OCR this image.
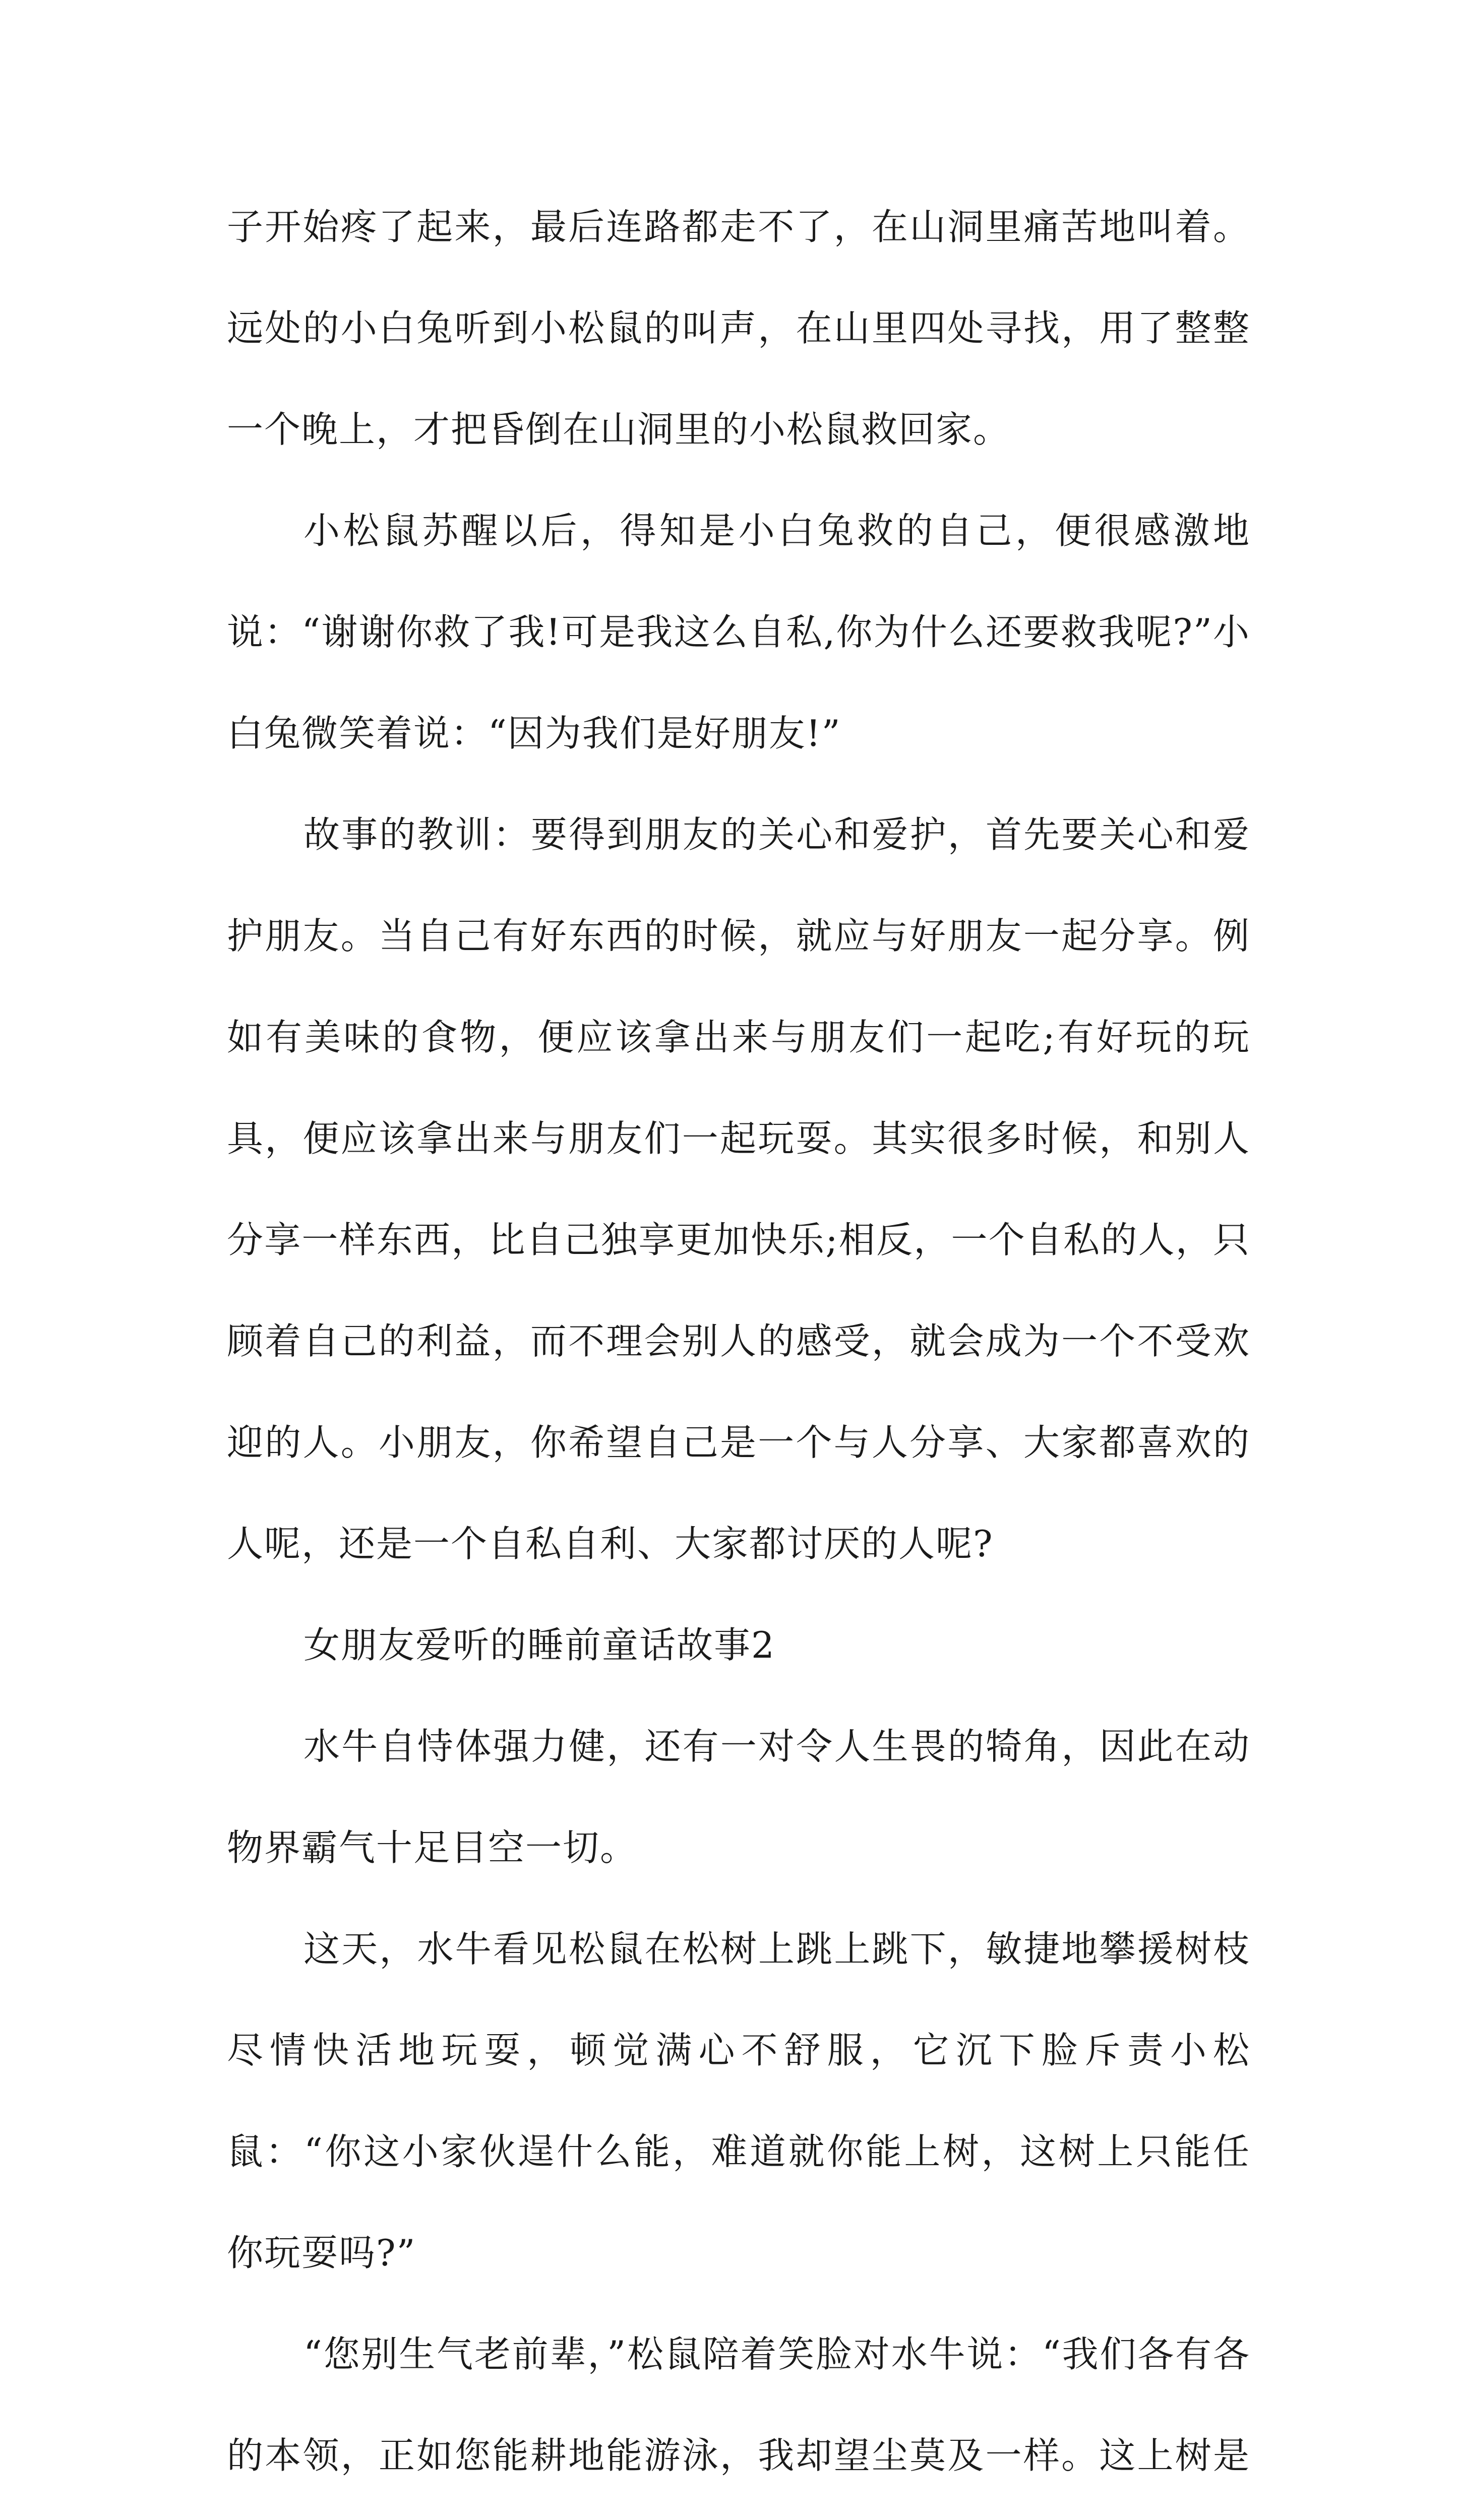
子开始疼了起来，最后连路都走不了，在山洞里痛苦地叫着。远处的小白兔听到小松鼠的叫声，在山里四处寻找，用了整整一个晚上，才把昏倒在山洞里的小松鼠救回家。

小松鼠苏醒以后，得知是小白兔救的自己，便很感激地说：“谢谢你救了我!可是我这么自私,你为什么还要救我呢?”小白兔微笑着说：“因为我们是好朋友!”

故事的教训：要得到朋友的关心和爱护，首先要关心和爱护朋友。当自己有好东西的时候，就应与好朋友一起分享。例如有美味的食物，便应该拿出来与朋友们一起吃;有好玩的玩具，便应该拿出来与朋友们一起玩耍。其实很多时候，和别人分享一样东西，比自己独享更加快乐;相反，一个自私的人，只顾着自己的利益，而不理会别人的感受，就会成为一个不受欢迎的人。小朋友，你希望自己是一个与人分享、大家都喜欢的人呢，还是一个自私自利、大家都讨厌的人呢?

女朋友爱听的睡前童话故事2

水牛自恃体强力健，还有一对令人生畏的犄角，因此在动物界霸气十足目空一切。

这天，水牛看见松鼠在松树上跳上跳下，敏捷地攀援树枝尽情快活地玩耍，顿觉满心不舒服，它沉下脸斥责小松鼠：“你这小家伙逞什么能，难道就你能上树，这树上只能任你玩耍吗?”

“您别生气老前辈，”松鼠陪着笑脸对水牛说：“我们各有各的本领，正如您能耕地能游泳，我却望尘莫及一样。这上树是
